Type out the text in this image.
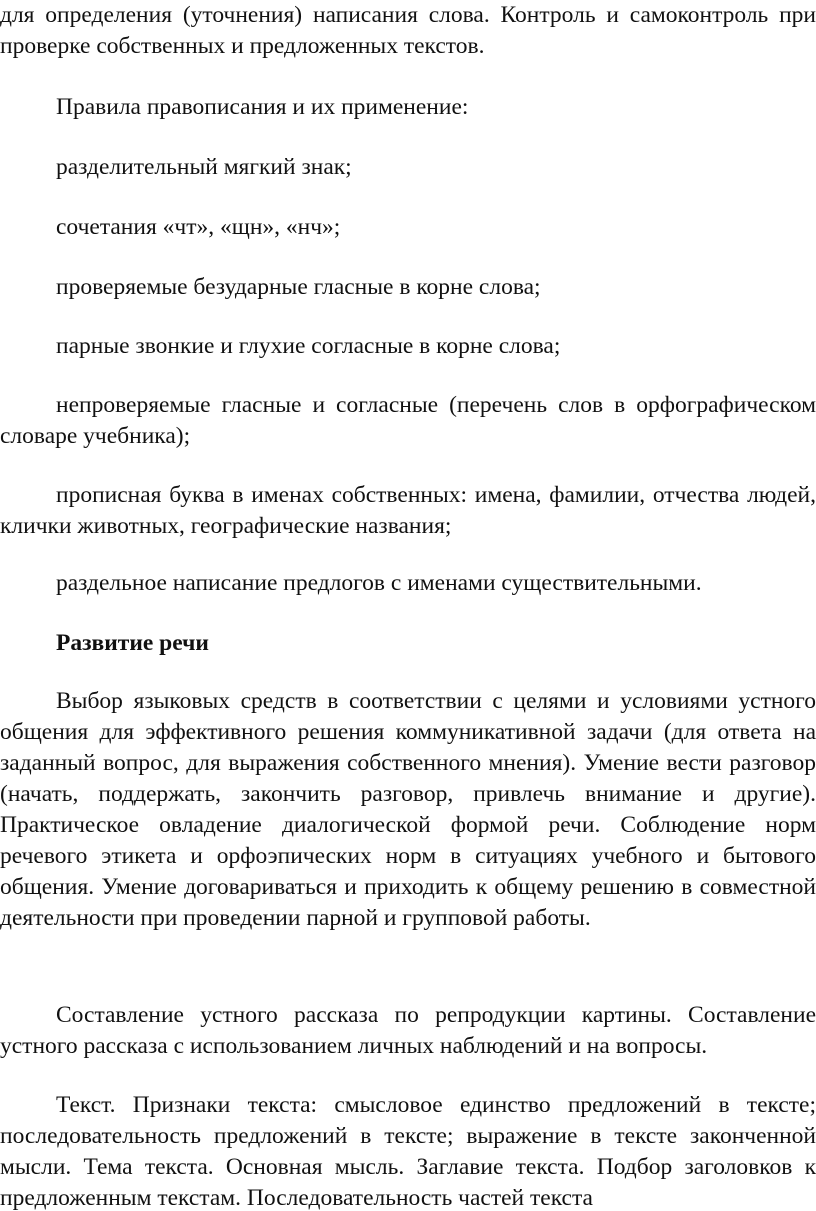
для определения (уточнения) написания слова. Контроль и самоконтроль при проверке собственных и предложенных текстов.

Правила правописания и их применение:

разделительный мягкий знак;

сочетания «чт», «щн», «нч»;

проверяемые безударные гласные в корне слова;

парные звонкие и глухие согласные в корне слова;

непроверяемые гласные и согласные (перечень слов в орфографическом словаре учебника);

прописная буква в именах собственных: имена, фамилии, отчества людей, клички животных, географические названия;

раздельное написание предлогов с именами существительными.

Развитие речи

Выбор языковых средств в соответствии с целями и условиями устного общения для эффективного решения коммуникативной задачи (для ответа на заданный вопрос, для выражения собственного мнения). Умение вести разговор (начать, поддержать, закончить разговор, привлечь внимание и другие). Практическое овладение диалогической формой речи. Соблюдение норм речевого этикета и орфоэпических норм в ситуациях учебного и бытового общения. Умение договариваться и приходить к общему решению в совместной деятельности при проведении парной и групповой работы.

Составление устного рассказа по репродукции картины. Составление устного рассказа с использованием личных наблюдений и на вопросы.

Текст. Признаки текста: смысловое единство предложений в тексте; последовательность предложений в тексте; выражение в тексте законченной мысли. Тема текста. Основная мысль. Заглавие текста. Подбор заголовков к предложенным текстам. Последовательность частей текста
